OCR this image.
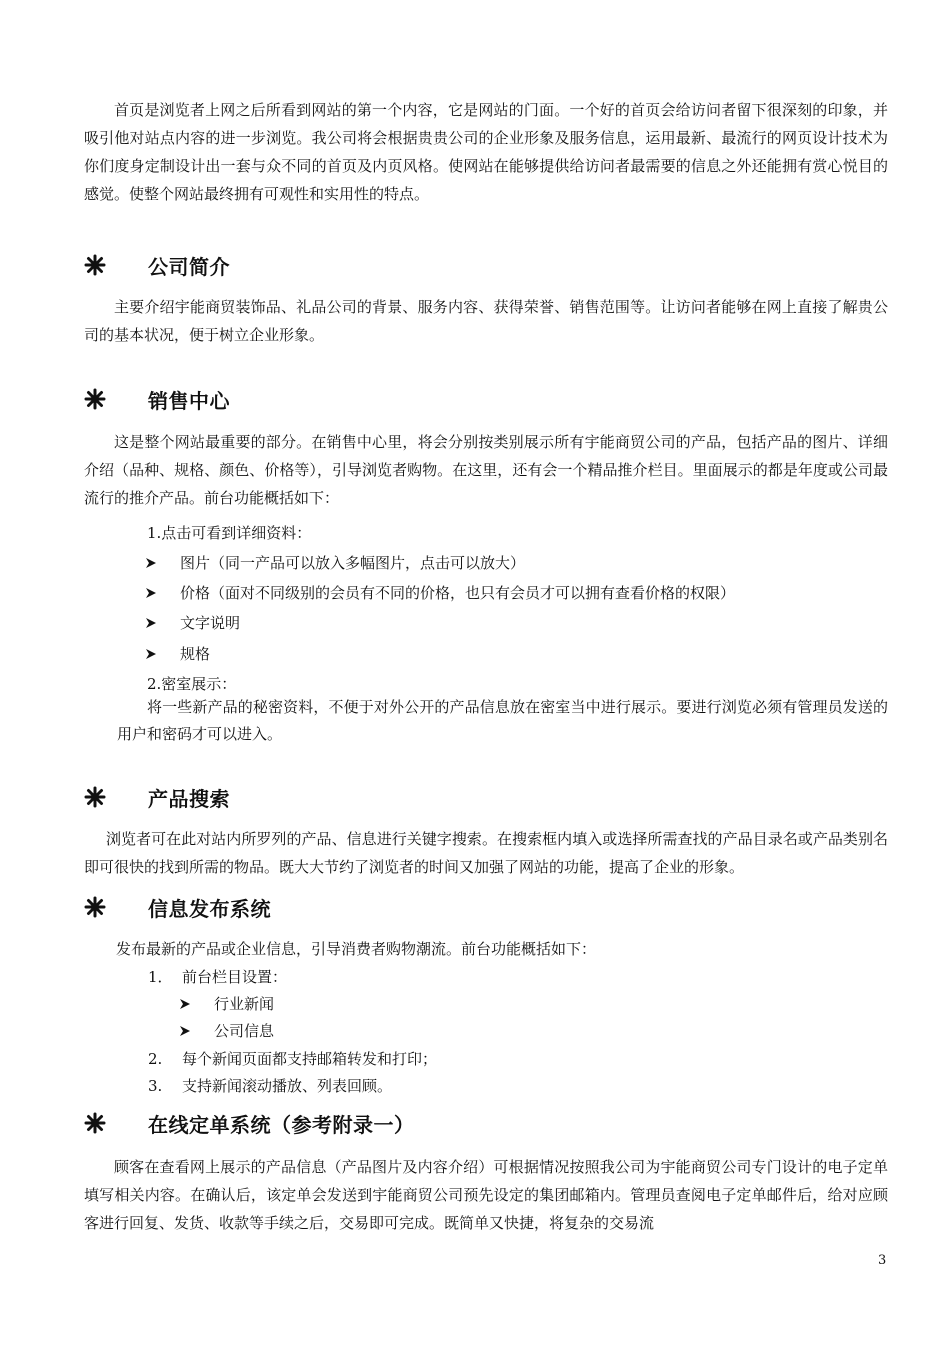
首页是浏览者上网之后所看到网站的第一个内容，它是网站的门面。一个好的首页会给访问者留下很深刻的印象，并吸引他对站点内容的进一步浏览。我公司将会根据贵贵公司的企业形象及服务信息，运用最新、最流行的网页设计技术为你们度身定制设计出一套与众不同的首页及内页风格。使网站在能够提供给访问者最需要的信息之外还能拥有赏心悦目的感觉。使整个网站最终拥有可观性和实用性的特点。

公司简介

主要介绍宇能商贸装饰品、礼品公司的背景、服务内容、获得荣誉、销售范围等。让访问者能够在网上直接了解贵公司的基本状况，便于树立企业形象。

销售中心

这是整个网站最重要的部分。在销售中心里，将会分别按类别展示所有宇能商贸公司的产品，包括产品的图片、详细介绍（品种、规格、颜色、价格等），引导浏览者购物。在这里，还有会一个精品推介栏目。里面展示的都是年度或公司最流行的推介产品。前台功能概括如下：

1.点击可看到详细资料：

图片（同一产品可以放入多幅图片，点击可以放大）
价格（面对不同级别的会员有不同的价格，也只有会员才可以拥有查看价格的权限）
文字说明
规格

2.密室展示：

将一些新产品的秘密资料，不便于对外公开的产品信息放在密室当中进行展示。要进行浏览必须有管理员发送的用户和密码才可以进入。

产品搜索

浏览者可在此对站内所罗列的产品、信息进行关键字搜索。在搜索框内填入或选择所需查找的产品目录名或产品类别名即可很快的找到所需的物品。既大大节约了浏览者的时间又加强了网站的功能，提高了企业的形象。

信息发布系统

发布最新的产品或企业信息，引导消费者购物潮流。前台功能概括如下：

1． 前台栏目设置：
行业新闻
公司信息
2. 每个新闻页面都支持邮箱转发和打印；
3. 支持新闻滚动播放、列表回顾。
在线定单系统（参考附录一）

顾客在查看网上展示的产品信息（产品图片及内容介绍）可根据情况按照我公司为宇能商贸公司专门设计的电子定单填写相关内容。在确认后，该定单会发送到宇能商贸公司预先设定的集团邮箱内。管理员查阅电子定单邮件后，给对应顾客进行回复、发货、收款等手续之后，交易即可完成。既简单又快捷，将复杂的交易流

3
